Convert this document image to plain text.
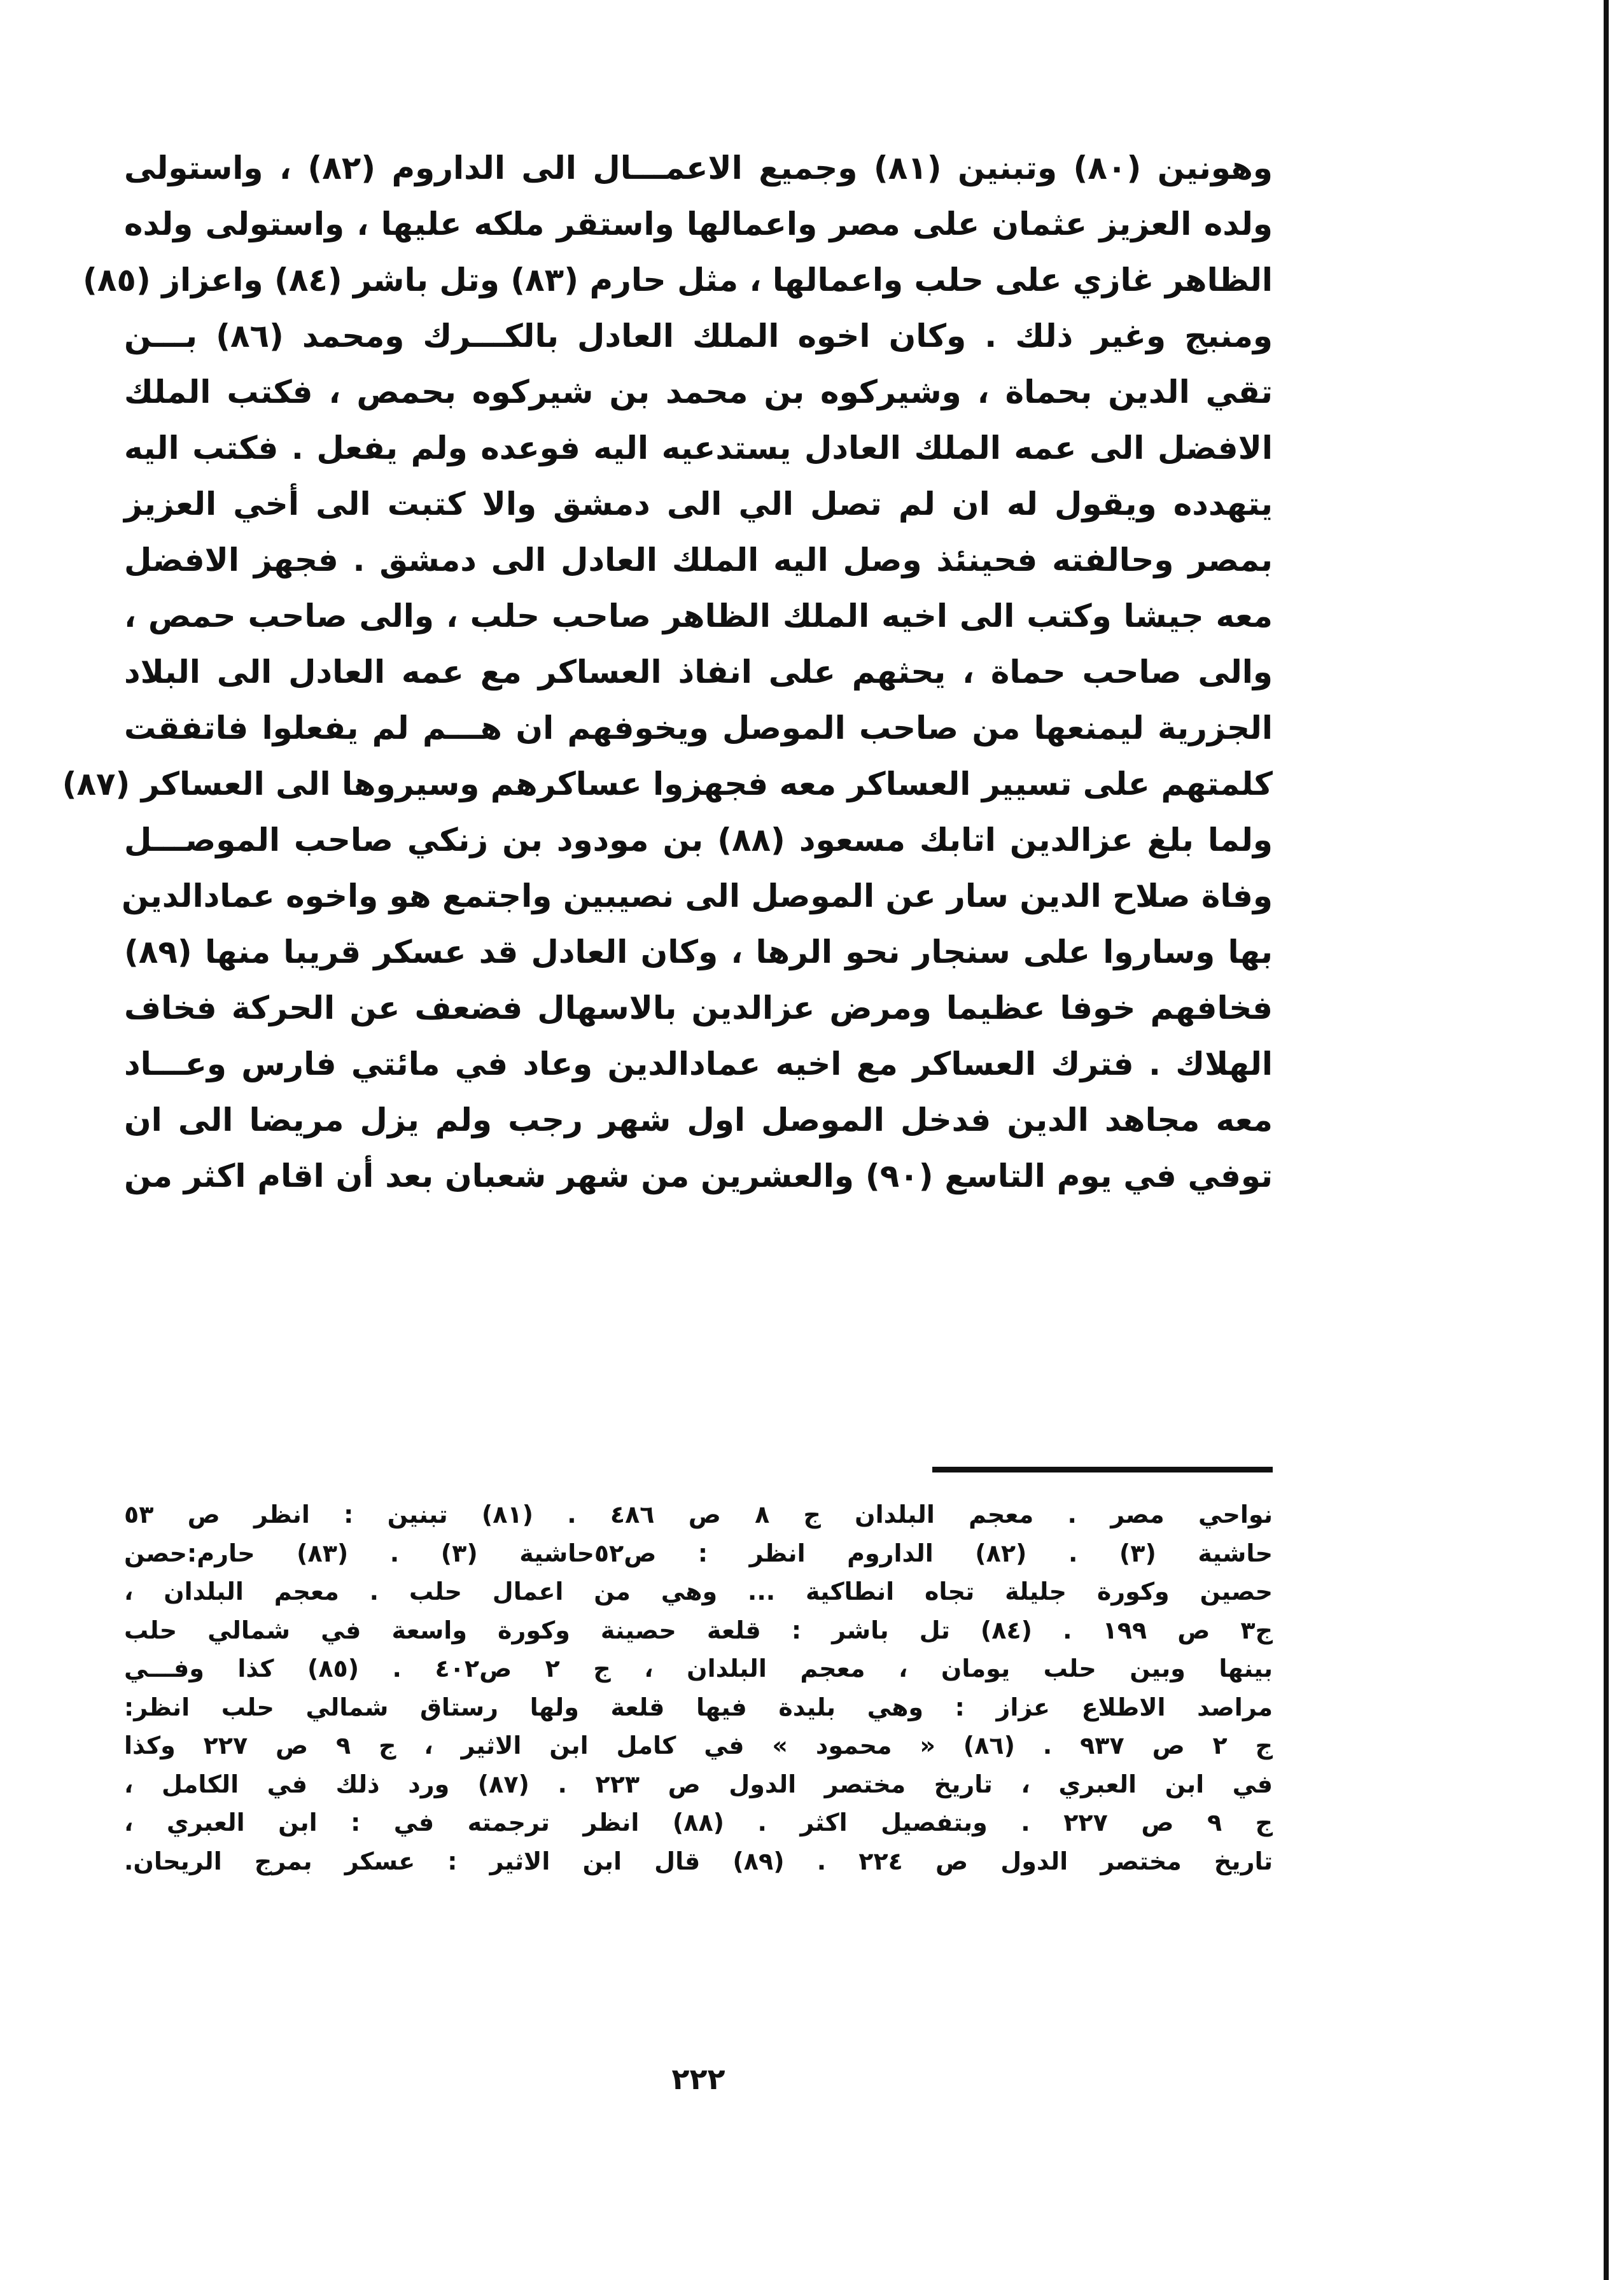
وهونين (٨٠) وتبنين (٨١) وجميع الاعمـــال الى الداروم (٨٢) ، واستولى
ولده العزيز عثمان على مصر واعمالها واستقر ملكه عليها ، واستولى ولده
الظاهر غازي على حلب واعمالها ، مثل حارم (٨٣) وتل باشر (٨٤) واعزاز (٨٥)
ومنبج وغير ذلك . وكان اخوه الملك العادل بالكـــرك ومحمد (٨٦) بـــن
تقي الدين بحماة ، وشيركوه بن محمد بن شيركوه بحمص ، فكتب الملك
الافضل الى عمه الملك العادل يستدعيه اليه فوعده ولم يفعل . فكتب اليه
يتهدده ويقول له ان لم تصل الي الى دمشق والا كتبت الى أخي العزيز
بمصر وحالفته فحينئذ وصل اليه الملك العادل الى دمشق . فجهز الافضل
معه جيشا وكتب الى اخيه الملك الظاهر صاحب حلب ، والى صاحب حمص ،
والى صاحب حماة ، يحثهم على انفاذ العساكر مع عمه العادل الى البلاد
الجزرية ليمنعها من صاحب الموصل ويخوفهم ان هـــم لم يفعلوا فاتفقت
كلمتهم على تسيير العساكر معه فجهزوا عساكرهم وسيروها الى العساكر (٨٧)
ولما بلغ عزالدين اتابك مسعود (٨٨) بن مودود بن زنكي صاحب الموصـــل
وفاة صلاح الدين سار عن الموصل الى نصيبين واجتمع هو واخوه عمادالدين
بها وساروا على سنجار نحو الرها ، وكان العادل قد عسكر قريبا منها (٨٩)
فخافهم خوفا عظيما ومرض عزالدين بالاسهال فضعف عن الحركة فخاف
الهلاك . فترك العساكر مع اخيه عمادالدين وعاد في مائتي فارس وعـــاد
معه مجاهد الدين فدخل الموصل اول شهر رجب ولم يزل مريضا الى ان
توفي في يوم التاسع (٩٠) والعشرين من شهر شعبان بعد أن اقام اكثر من
نواحي مصر . معجم البلدان ج ٨ ص ٤٨٦ . (٨١) تبنين : انظر ص ٥٣
حاشية (٣) . (٨٢) الداروم انظر : ص٥٢حاشية (٣) . (٨٣) حارم:حصن
حصين وكورة جليلة تجاه انطاكية ... وهي من اعمال حلب . معجم البلدان ،
ج٣ ص ١٩٩ . (٨٤) تل باشر : قلعة حصينة وكورة واسعة في شمالي حلب
بينها وبين حلب يومان ، معجم البلدان ، ج ٢ ص٤٠٢ . (٨٥) كذا وفـــي
مراصد الاطلاع عزاز : وهي بليدة فيها قلعة ولها رستاق شمالي حلب انظر:
ج ٢ ص ٩٣٧ . (٨٦) « محمود » في كامل ابن الاثير ، ج ٩ ص ٢٢٧ وكذا
في ابن العبري ، تاريخ مختصر الدول ص ٢٢٣ . (٨٧) ورد ذلك في الكامل ،
ج ٩ ص ٢٢٧ . وبتفصيل اكثر . (٨٨) انظر ترجمته في : ابن العبري ،
تاريخ مختصر الدول ص ٢٢٤ . (٨٩) قال ابن الاثير : عسكر بمرج الريحان.
٢٢٢
